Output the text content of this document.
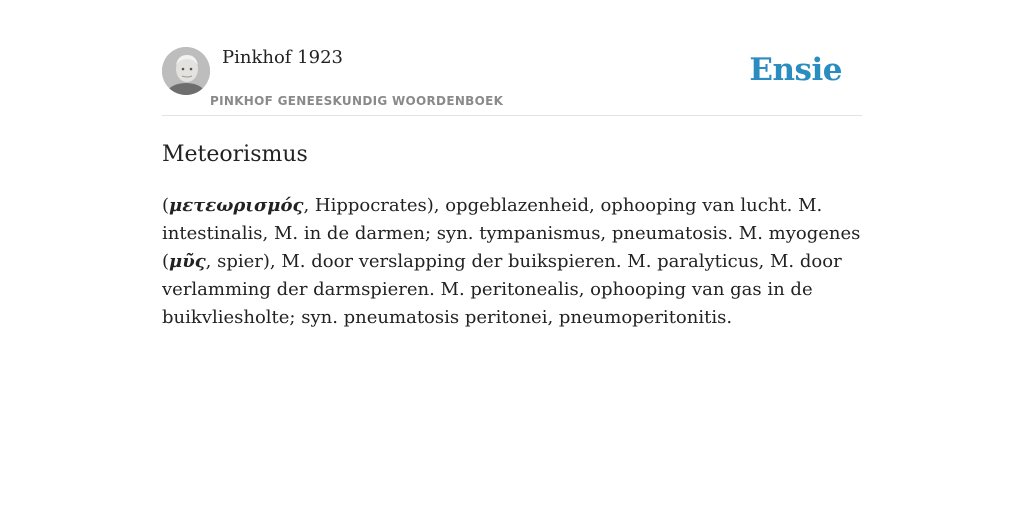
Pinkhof 1923
PINKHOF GENEESKUNDIG WOORDENBOEK
Ensie
Meteorismus

(μετεωρισμός, Hippocrates), opgeblazenheid, ophooping van lucht. M. intestinalis, M. in de darmen; syn. tympanismus, pneumatosis. M. myogenes (μῦς, spier), M. door verslapping der buikspieren. M. paralyticus, M. door verlamming der darmspieren. M. peritonealis, ophooping van gas in de buikvliesholte; syn. pneumatosis peritonei, pneumoperitonitis.
